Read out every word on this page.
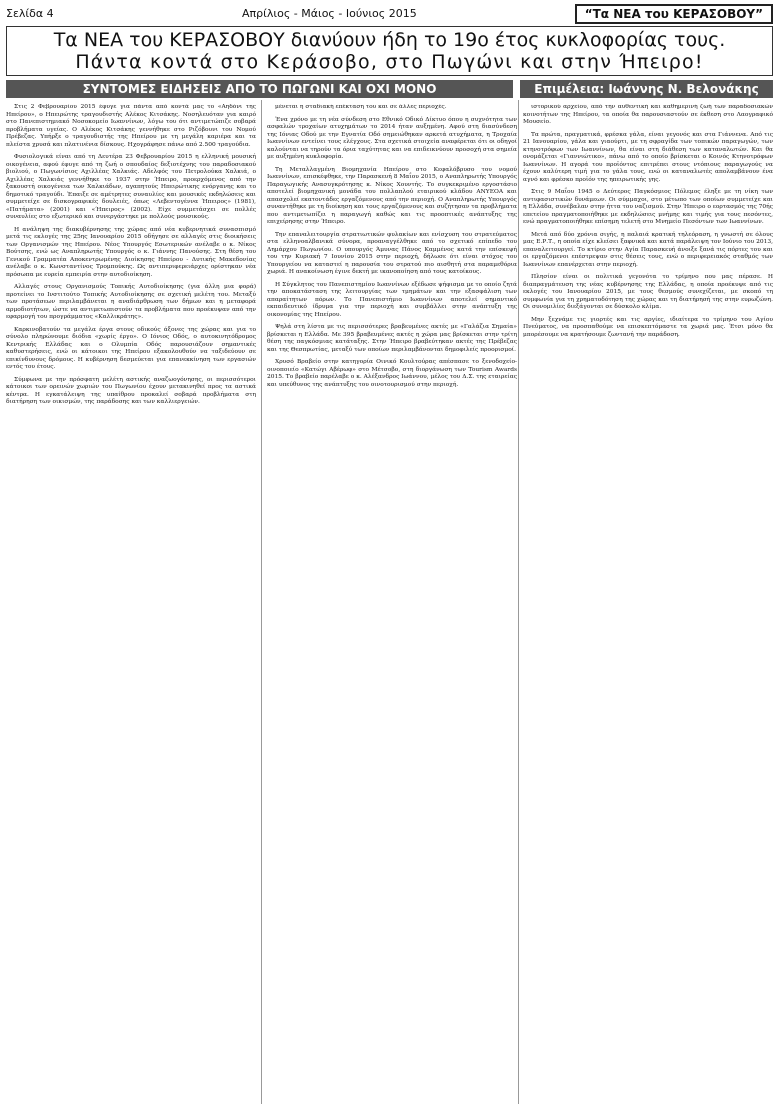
Σελίδα 4	Απρίλιος - Μάιος - Ιούνιος 2015	“Τα ΝΕΑ του ΚΕΡΑΣΟΒΟΥ”
Τα ΝΕΑ του ΚΕΡΑΣΟΒΟΥ διανύουν ήδη το 19ο έτος κυκλοφορίας τους.
Πάντα κοντά στο Κεράσοβο, στο Πωγώνι και στην Ήπειρο!
ΣΥΝΤΟΜΕΣ ΕΙΔΗΣΕΙΣ ΑΠΟ ΤΟ ΠΩΓΩΝΙ ΚΑΙ ΟΧΙ ΜΟΝΟ	Επιμέλεια: Ιωάννης Ν. Βελονάκης

Στις 2 Φεβρουαρίου 2015 έφυγε για πάντα από κοντά μας το «Αηδόνι της Ηπείρου», ο Ηπειρώτης τραγουδιστής Αλέκος Κιτσάκης. Νοσηλευόταν για καιρό στο Πανεπιστημιακό Νοσοκομείο Ιωαννίνων, λόγω του ότι αντιμετώπιζε σοβαρά προβλήματα υγείας. Ο Αλέκος Κιτσάκης γεννήθηκε στο Ριζόβουνι του Νομού Πρέβεζας. Υπήρξε ο τραγουδιστής της Ηπείρου με τη μεγάλη καριέρα και τα πλείστα χρυσά και πλατινένια δίσκους. Ηχογράφησε πάνω από 2.500 τραγούδια.

Φυσιολογικά είναι από τη Δευτέρα 23 Φεβρουαρίου 2015 η ελληνική μουσική οικογένεια, αφού έφυγε από τη ζωή ο σπουδαίος δεξιοτέχνης του παραδοσιακού βιολιού, ο Πωγωνίσιος Αχιλλέας Χαλκιάς. Αδελφός του Πετρολούκα Χαλκιά, ο Αχιλλέας Χαλκιάς γεννήθηκε το 1937 στην Ήπειρο, προερχόμενος από την ξακουστή οικογένεια των Χαλκιάδων, αγαπητούς Ηπειρώτικης ενόργανης και το δημοτικό τραγούδι. Έπαιξε σε αμέτρητες συναυλίες και μουσικές εκδηλώσεις και συμμετείχε σε δισκογραφικές δουλειές, όπως «Λεβεντογέννα Ήπειρος» (1981), «Πατήματα» (2001) και «Ήπειρος» (2002). Είχε συμμετάσχει σε πολλές συναυλίες στο εξωτερικό και συνεργάστηκε με πολλούς μουσικούς.

Η ανάληψη της διακυβέρνησης της χώρας από νέα κυβερνητικά συνασπισμό μετά τις εκλογές της 25ης Ιανουαρίου 2015 οδήγησε σε αλλαγές στις διοικήσεις των Οργανισμών της Ηπείρου. Νέος Υπουργός Εσωτερικών ανέλαβε ο κ. Νίκος Βούτσης, ενώ ως Αναπληρωτής Υπουργός ο κ. Γιάννης Πανούσης. Στη θέση του Γενικού Γραμματέα Αποκεντρωμένης Διοίκησης Ηπείρου - Δυτικής Μακεδονίας ανέλαβε ο κ. Κωνσταντίνος Τρομπούκης. Ως αντιπεριφερειάρχες ορίστηκαν νέα πρόσωπα με ευρεία εμπειρία στην αυτοδιοίκηση.

Αλλαγές στους Οργανισμούς Τοπικής Αυτοδιοίκησης (για άλλη μια φορά) προτείνει το Ινστιτούτο Τοπικής Αυτοδιοίκησης σε σχετική μελέτη του. Μεταξύ των προτάσεων περιλαμβάνεται η αναδιάρθρωση των δήμων και η μεταφορά αρμοδιοτήτων, ώστε να αντιμετωπιστούν τα προβλήματα που προέκυψαν από την εφαρμογή του προγράμματος «Καλλικράτης».

Καρκινοβατούν τα μεγάλα έργα στους οδικούς άξονες της χώρας και για το σύνολο πληρώνουμε διόδια «χωρίς έργο». Ο Ιόνιος Οδός, ο αυτοκινητόδρομος Κεντρικής Ελλάδας και ο Ολυμπία Οδός παρουσιάζουν σημαντικές καθυστερήσεις, ενώ οι κάτοικοι της Ηπείρου εξακολουθούν να ταξιδεύουν σε επικίνδυνους δρόμους. Η κυβέρνηση δεσμεύεται για επανεκκίνηση των εργασιών εντός του έτους.

Σύμφωνα με την πρόσφατη μελέτη αστικής αναζωογόνησης, οι περισσότεροι κάτοικοι των ορεινών χωριών του Πωγωνίου έχουν μετακινηθεί προς τα αστικά κέντρα. Η εγκατάλειψη της υπαίθρου προκαλεί σοβαρά προβλήματα στη διατήρηση των οικισμών, της παράδοσης και των καλλιεργειών.

μένεται η σταδιακή επέκταση του και σε άλλες περιοχές.

Ένα χρόνο με τη νέα σύνδεση στο Εθνικό Οδικό Δίκτυο όπου η συχνότητα των ασφαλών τροχαίων ατυχημάτων το 2014 ήταν αυξημένη. Αφού στη διασύνδεση της Ιόνιας Οδού με την Εγνατία Οδό σημειώθηκαν αρκετά ατυχήματα, η Τροχαία Ιωαννίνων εντείνει τους ελέγχους. Στα σχετικά στοιχεία αναφέρεται ότι οι οδηγοί καλούνται να τηρούν τα όρια ταχύτητας και να επιδεικνύουν προσοχή στα σημεία με αυξημένη κυκλοφορία.

Τη Μεταλλαγμένη Βιομηχανία Ηπείρου στο Κεφαλόβρυσο του νομού Ιωαννίνων, επισκέφθηκε, την Παρασκευή 8 Μαΐου 2015, ο Αναπληρωτής Υπουργός Παραγωγικής Ανασυγκρότησης κ. Νίκος Χουντής. Το συγκεκριμένο εργοστάσιο αποτελεί βιομηχανική μονάδα του πολλαπλού εταιρικού κλάδου ANYEOA και απασχολεί εκατοντάδες εργαζόμενους από την περιοχή. Ο Αναπληρωτής Υπουργός συναντήθηκε με τη διοίκηση και τους εργαζόμενους και συζήτησαν τα προβλήματα που αντιμετωπίζει η παραγωγή καθώς και τις προοπτικές ανάπτυξης της επιχείρησης στην Ήπειρο.

Την επαναλειτουργία στρατιωτικών φυλακίων και ενίσχυση του στρατεύματος στα ελληνοαλβανικά σύνορα, προαναγγέλθηκε από το σχετικό επίπεδο του Δημάρχου Πωγωνίου. Ο υπουργός Άμυνας Πάνος Καμμένος κατά την επίσκεψή του την Κυριακή 7 Ιουνίου 2015 στην περιοχή, δήλωσε ότι είναι στόχος του Υπουργείου να καταστεί η παρουσία του στρατού πιο αισθητή στα παραμεθόρια χωριά. Η ανακοίνωση έγινε δεκτή με ικανοποίηση από τους κατοίκους.

Η Σύγκλητος του Πανεπιστημίου Ιωαννίνων εξέδωσε ψήφισμα με το οποίο ζητά την αποκατάσταση της λειτουργίας των τμημάτων και την εξασφάλιση των απαραίτητων πόρων. Το Πανεπιστήμιο Ιωαννίνων αποτελεί σημαντικό εκπαιδευτικό ίδρυμα για την περιοχή και συμβάλλει στην ανάπτυξη της οικονομίας της Ηπείρου.

Ψηλά στη λίστα με τις περισσότερες βραβευμένες ακτές με «Γαλάζια Σημαία» βρίσκεται η Ελλάδα. Με 395 βραβευμένες ακτές η χώρα μας βρίσκεται στην τρίτη θέση της παγκόσμιας κατάταξης. Στην Ήπειρο βραβεύτηκαν ακτές της Πρέβεζας και της Θεσπρωτίας, μεταξύ των οποίων περιλαμβάνονται δημοφιλείς προορισμοί.

Χρυσό Βραβείο στην κατηγορία Οινικό Κουλτούρας απέσπασε το ξενοδοχείο-οινοποιείο «Κατώγι Αβέρωφ» στο Μέτσοβο, στη διοργάνωση των Tourism Awards 2015. Το βραβείο παρέλαβε ο κ. Αλέξανδρος Ιωάννου, μέλος του Δ.Σ. της εταιρείας και υπεύθυνος της ανάπτυξης του οινοτουρισμού στην περιοχή.

ιστορικού αρχείου, από την αυθεντική και καθημερινή ζωή των παραδοσιακών κοινοτήτων της Ηπείρου, τα οποία θα παρουσιαστούν σε έκθεση στο Λαογραφικό Μουσείο.

Τα πρώτα, πραγματικά, φρέσκα γάλα, είναι γεγονός και στα Γιάννενα. Από τις 21 Ιανουαρίου, γάλα και γιαούρτι, με τη σφραγίδα των τοπικών παραγωγών, των κτηνοτρόφων των Ιωαννίνων, θα είναι στη διάθεση των καταναλωτών. Και θα ονομάζεται «Γιαννιώτικο», πάνω από το οποίο βρίσκεται ο Κοινός Κτηνοτρόφων Ιωαννίνων. Η αγορά του προϊόντος επιτρέπει στους ντόπιους παραγωγούς να έχουν καλύτερη τιμή για το γάλα τους, ενώ οι καταναλωτές απολαμβάνουν ένα αγνό και φρέσκο προϊόν της ηπειρωτικής γης.

Στις 9 Μαΐου 1945 ο Δεύτερος Παγκόσμιος Πόλεμος έληξε με τη νίκη των αντιφασιστικών δυνάμεων. Οι σύμμαχοι, στο μέτωπο των οποίων συμμετείχε και η Ελλάδα, συνέβαλαν στην ήττα του ναζισμού. Στην Ήπειρο ο εορτασμός της 70ής επετείου πραγματοποιήθηκε με εκδηλώσεις μνήμης και τιμής για τους πεσόντες, ενώ πραγματοποιήθηκε επίσημη τελετή στο Μνημείο Πεσόντων των Ιωαννίνων.

Μετά από δύο χρόνια σιγής, η παλαιά κρατική τηλεόραση, η γνωστή σε όλους μας Ε.Ρ.Τ., η οποία είχε κλείσει ξαφνικά και κατά παράλειψη τον Ιούνιο του 2013, επαναλειτουργεί. Το κτίριο στην Αγία Παρασκευή άνοιξε ξανά τις πόρτες του και οι εργαζόμενοι επέστρεψαν στις θέσεις τους, ενώ ο περιφερειακός σταθμός των Ιωαννίνων επανέρχεται στην περιοχή.

Πλησίον είναι οι πολιτικά γεγονότα το τρίμηνο που μας πέρασε. Η διαπραγμάτευση της νέας κυβέρνησης της Ελλάδας, η οποία προέκυψε από τις εκλογές του Ιανουαρίου 2015, με τους θεσμούς συνεχίζεται, με σκοπό τη συμφωνία για τη χρηματοδότηση της χώρας και τη διατήρησή της στην ευρωζώνη. Οι συνομιλίες διεξάγονται σε δύσκολο κλίμα.

Μην ξεχνάμε τις γιορτές και τις αργίες, ιδιαίτερα το τρίμηνο του Αγίου Πνεύματος, να προσπαθούμε να επισκεπτόμαστε τα χωριά μας. Έτσι μόνο θα μπορέσουμε να κρατήσουμε ζωντανή την παράδοση.
